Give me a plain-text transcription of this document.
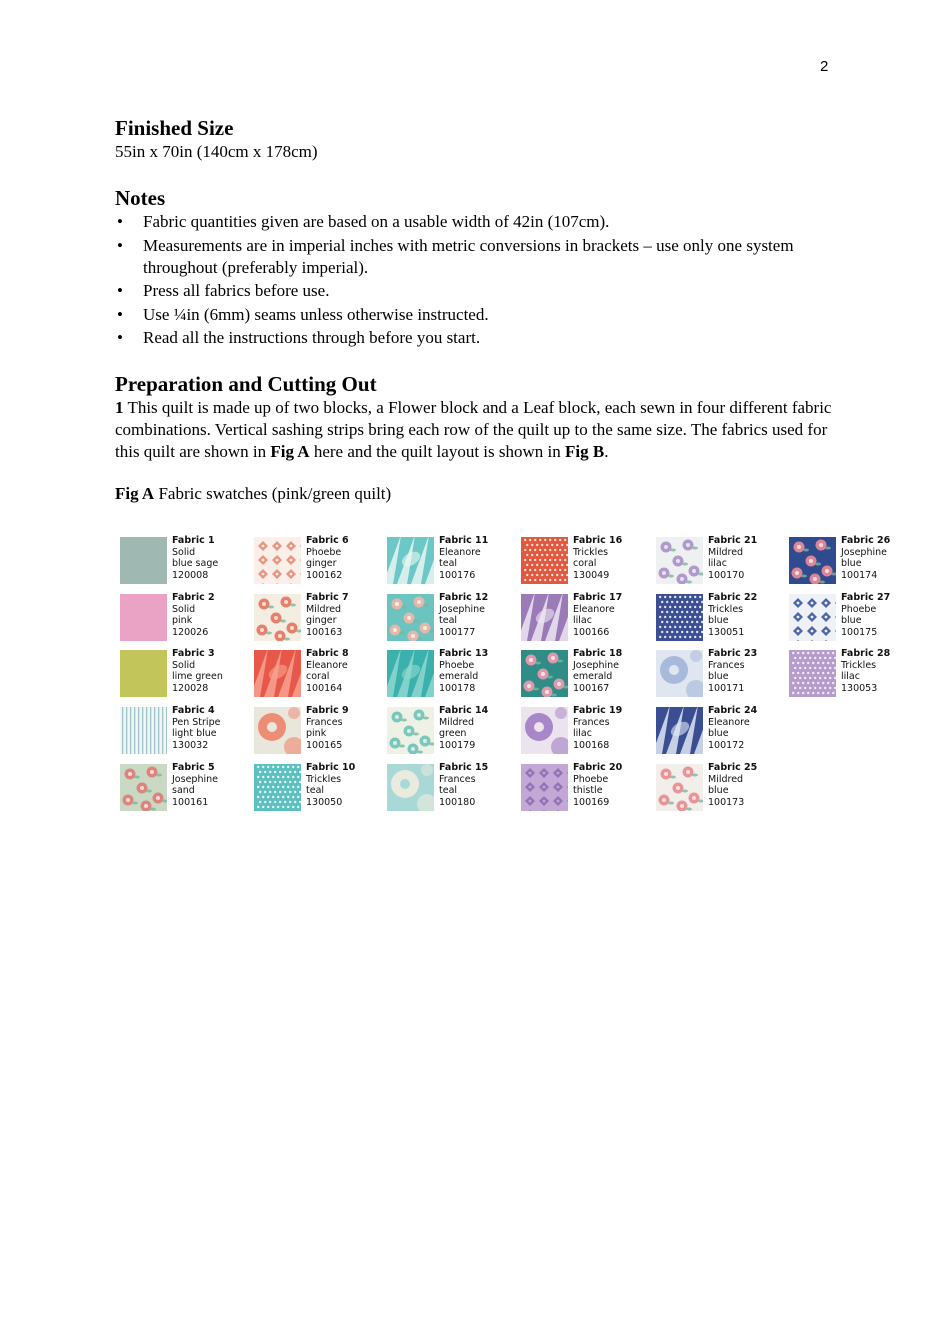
2
Finished Size

55in x 70in (140cm x 178cm)

Notes
• Fabric quantities given are based on a usable width of 42in (107cm).
• Measurements are in imperial inches with metric conversions in brackets – use only one system throughout (preferably imperial).
• Press all fabrics before use.
• Use ¼in (6mm) seams unless otherwise instructed.
• Read all the instructions through before you start.
Preparation and Cutting Out

1 This quilt is made up of two blocks, a Flower block and a Leaf block, each sewn in four different fabric combinations. Vertical sashing strips bring each row of the quilt up to the same size. The fabrics used for this quilt are shown in Fig A here and the quilt layout is shown in Fig B.

Fig A Fabric swatches (pink/green quilt)

Fabric 1
Solid
blue sage
120008
Fabric 2
Solid
pink
120026
Fabric 3
Solid
lime green
120028
Fabric 4
Pen Stripe
light blue
130032
Fabric 5
Josephine
sand
100161
Fabric 6
Phoebe
ginger
100162
Fabric 7
Mildred
ginger
100163
Fabric 8
Eleanore
coral
100164
Fabric 9
Frances
pink
100165
Fabric 10
Trickles
teal
130050
Fabric 11
Eleanore
teal
100176
Fabric 12
Josephine
teal
100177
Fabric 13
Phoebe
emerald
100178
Fabric 14
Mildred
green
100179
Fabric 15
Frances
teal
100180
Fabric 16
Trickles
coral
130049
Fabric 17
Eleanore
lilac
100166
Fabric 18
Josephine
emerald
100167
Fabric 19
Frances
lilac
100168
Fabric 20
Phoebe
thistle
100169
Fabric 21
Mildred
lilac
100170
Fabric 22
Trickles
blue
130051
Fabric 23
Frances
blue
100171
Fabric 24
Eleanore
blue
100172
Fabric 25
Mildred
blue
100173
Fabric 26
Josephine
blue
100174
Fabric 27
Phoebe
blue
100175
Fabric 28
Trickles
lilac
130053
